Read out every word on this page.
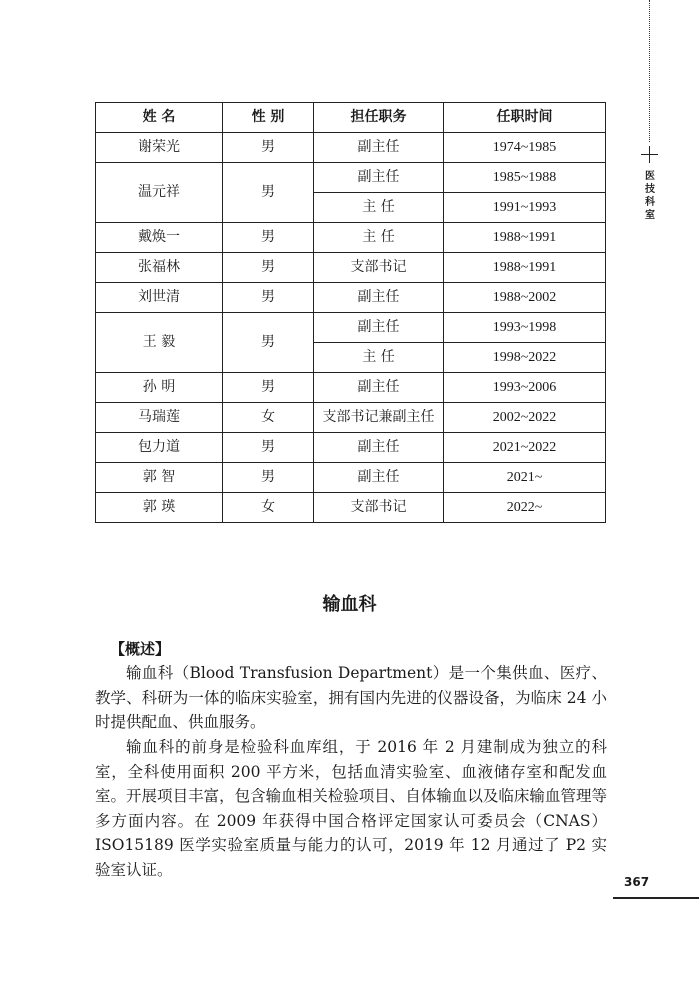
医技科室
姓 名	性 别	担任职务	任职时间
谢荣光	男	副主任	1974~1985
温元祥	男	副主任	1985~1988
		主 任	1991~1993
戴焕一	男	主 任	1988~1991
张福林	男	支部书记	1988~1991
刘世清	男	副主任	1988~2002
王 毅	男	副主任	1993~1998
		主 任	1998~2022
孙 明	男	副主任	1993~2006
马瑞莲	女	支部书记兼副主任	2002~2022
包力道	男	副主任	2021~2022
郭 智	男	副主任	2021~
郭 瑛	女	支部书记	2022~
输血科
【概述】

输血科（Blood Transfusion Department）是一个集供血、医疗、教学、科研为一体的临床实验室，拥有国内先进的仪器设备，为临床 24 小时提供配血、供血服务。

输血科的前身是检验科血库组，于 2016 年 2 月建制成为独立的科室，全科使用面积 200 平方米，包括血清实验室、血液储存室和配发血室。开展项目丰富，包含输血相关检验项目、自体输血以及临床输血管理等多方面内容。在 2009 年获得中国合格评定国家认可委员会（CNAS）ISO15189 医学实验室质量与能力的认可，2019 年 12 月通过了 P2 实验室认证。

367
